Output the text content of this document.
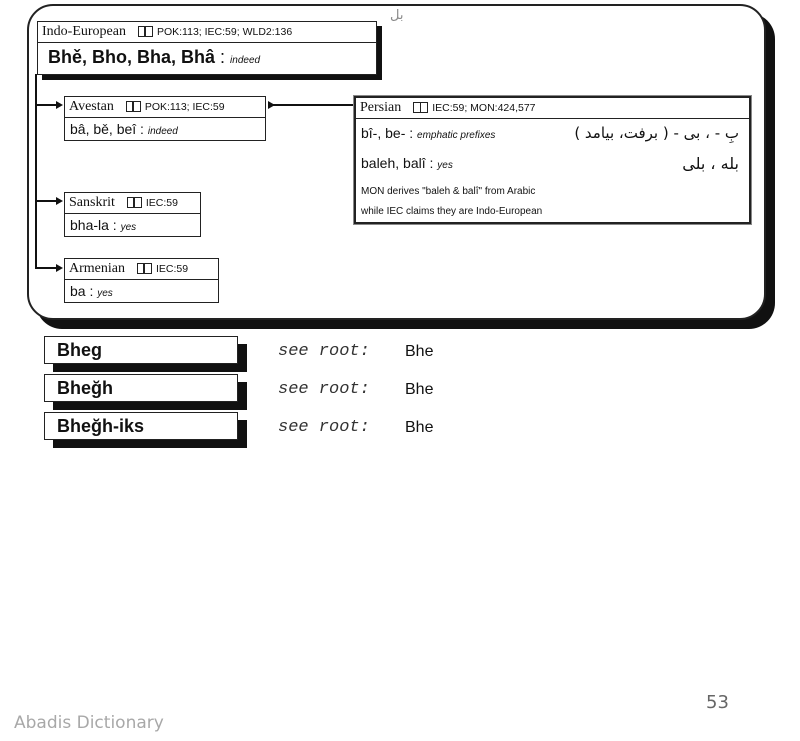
بل
Indo-European	POK:113; IEC:59; WLD2:136
Bhě, Bho, Bha, Bhâ : indeed
Avestan	POK:113; IEC:59
bâ, bě, beî : indeed
Persian	IEC:59; MON:424,577
bî-, be- : emphatic prefixes	بِ - ، بی - ( برفت، بیامد )
baleh, balî : yes	بله ، بلی
MON derives "baleh & balî" from Arabic
while IEC claims they are Indo-European
Sanskrit	IEC:59
bha-la : yes
Armenian	IEC:59
ba : yes
Bheg	see root: Bhe
Bheğh	see root: Bhe
Bheğh-iks	see root: Bhe
53
Abadis Dictionary
